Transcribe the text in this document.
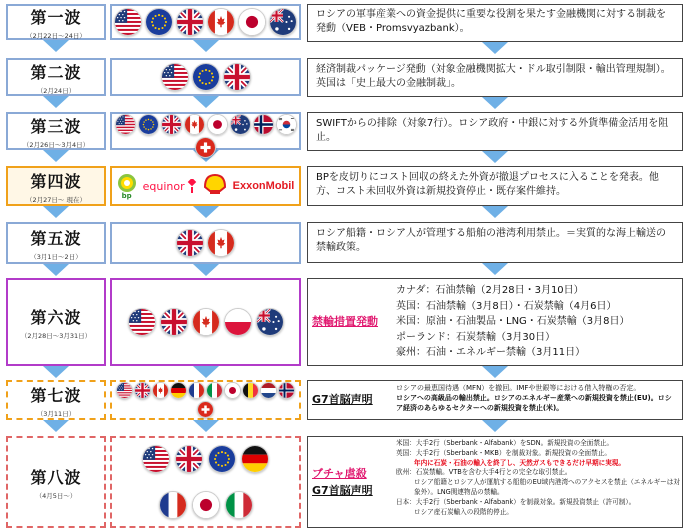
第一波
（2月22日～24日）
ロシアの軍事産業への資金提供に重要な役割を果たす金融機関に対する制裁を発動（VEB・Promsvyazbank）。
第二波
（2月24日）
経済制裁パッケージ発動（対象金融機関拡大・ドル取引制限・輸出管理規制）。英国は「史上最大の金融制裁」。
第三波
（2月26日～3月4日）
SWIFTからの排除（対象7行）。ロシア政府・中銀に対する外貨準備金活用を阻止。
第四波
（2月27日～ 現在）	bp
equinor	ExxonMobil
BPを皮切りにコスト回収の終えた外資が撤退プロセスに入ることを発表。他方、コスト未回収外資は新規投資停止・既存案件維持。
第五波
（3月1日～2日）
ロシア船籍・ロシア人が管理する船舶の港湾利用禁止。＝実質的な海上輸送の禁輸政策。
第六波
（2月28日～3月31日）
禁輸措置発動
カナダ：石油禁輸（2月28日・3月10日）
英国：石油禁輸（3月8日）・石炭禁輸（4月6日）
米国：原油・石油製品・LNG・石炭禁輸（3月8日）
ポーランド：石炭禁輸（3月30日）
豪州：石油・エネルギー禁輸（3月11日）
第七波
（3月11日）
G7首脳声明
ロシアの最恵国待遇（MFN）を撤回。IMFや世銀等における借入特権の否定。
ロシアへの高級品の輸出禁止。ロシアのエネルギー産業への新規投資を禁止(EU)。ロシア経済のあらゆるセクターへの新規投資を禁止(米)。
第八波
（4月5日～）
ブチャ虐殺
G7首脳声明
米国：大手2行（Sberbank・Alfabank）をSDN。新規投資の全面禁止。
英国：大手2行（Sberbank・MKB）を制裁対象。新規投資の全面禁止。
年内に石炭・石油の輸入を終了し、天然ガスもできるだけ早期に実現。
欧州：石炭禁輸。VTBを含む大手4行との完全な取引禁止。
ロシア船籍とロシア人が運航する船舶のEU域内港湾へのアクセスを禁止（エネルギーは対象外）。LNG関連物品の禁輸。
日本：大手2行（Sberbank・Alfabank）を制裁対象。新規投資禁止（許可制）。
ロシア産石炭輸入の段階的停止。
